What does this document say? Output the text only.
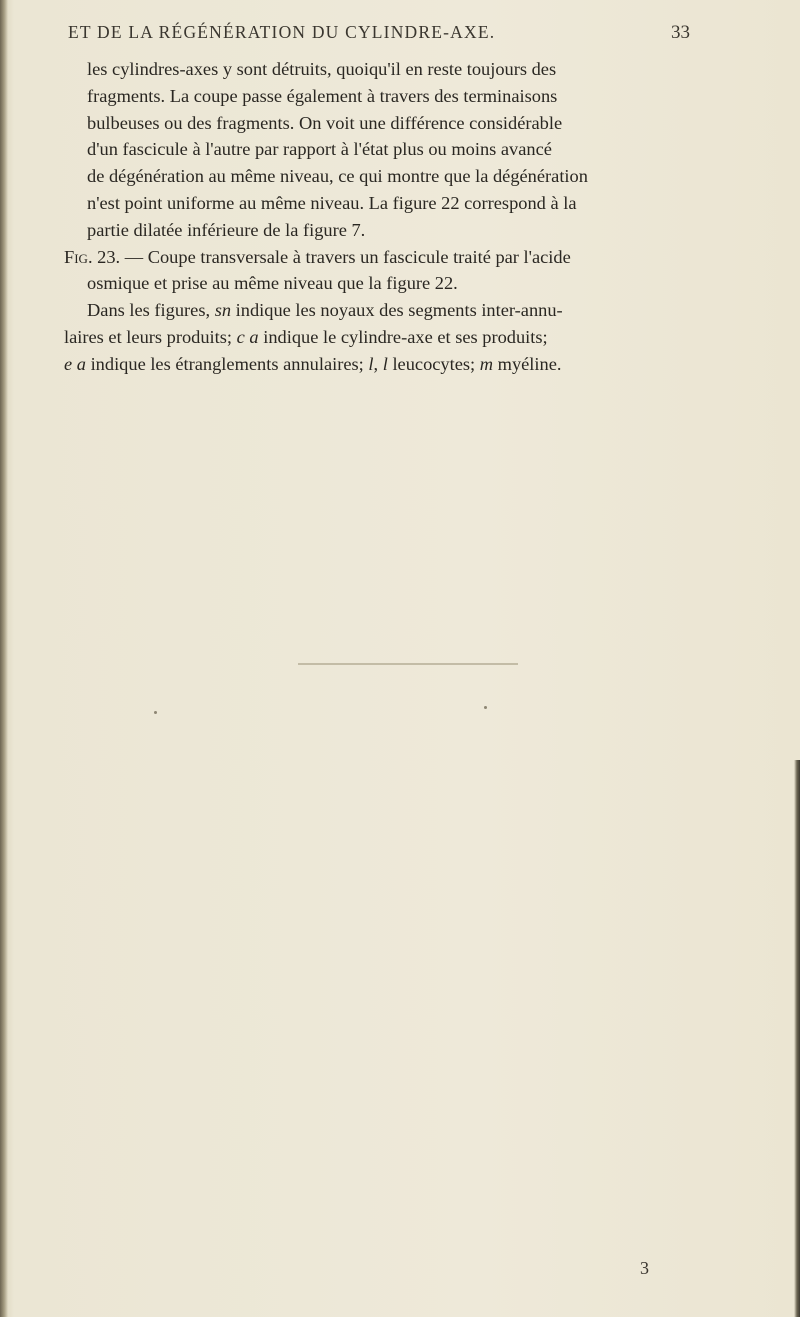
ET DE LA RÉGÉNÉRATION DU CYLINDRE-AXE.	33
les cylindres-axes y sont détruits, quoiqu'il en reste toujours des
fragments. La coupe passe également à travers des terminaisons
bulbeuses ou des fragments. On voit une différence considérable
d'un fascicule à l'autre par rapport à l'état plus ou moins avancé
de dégénération au même niveau, ce qui montre que la dégénération
n'est point uniforme au même niveau. La figure 22 correspond à la
partie dilatée inférieure de la figure 7.
Fig. 23. — Coupe transversale à travers un fascicule traité par l'acide
osmique et prise au même niveau que la figure 22.
Dans les figures, sn indique les noyaux des segments inter-annu-
laires et leurs produits; c a indique le cylindre-axe et ses produits;
e a indique les étranglements annulaires; l, l leucocytes; m myéline.
3
